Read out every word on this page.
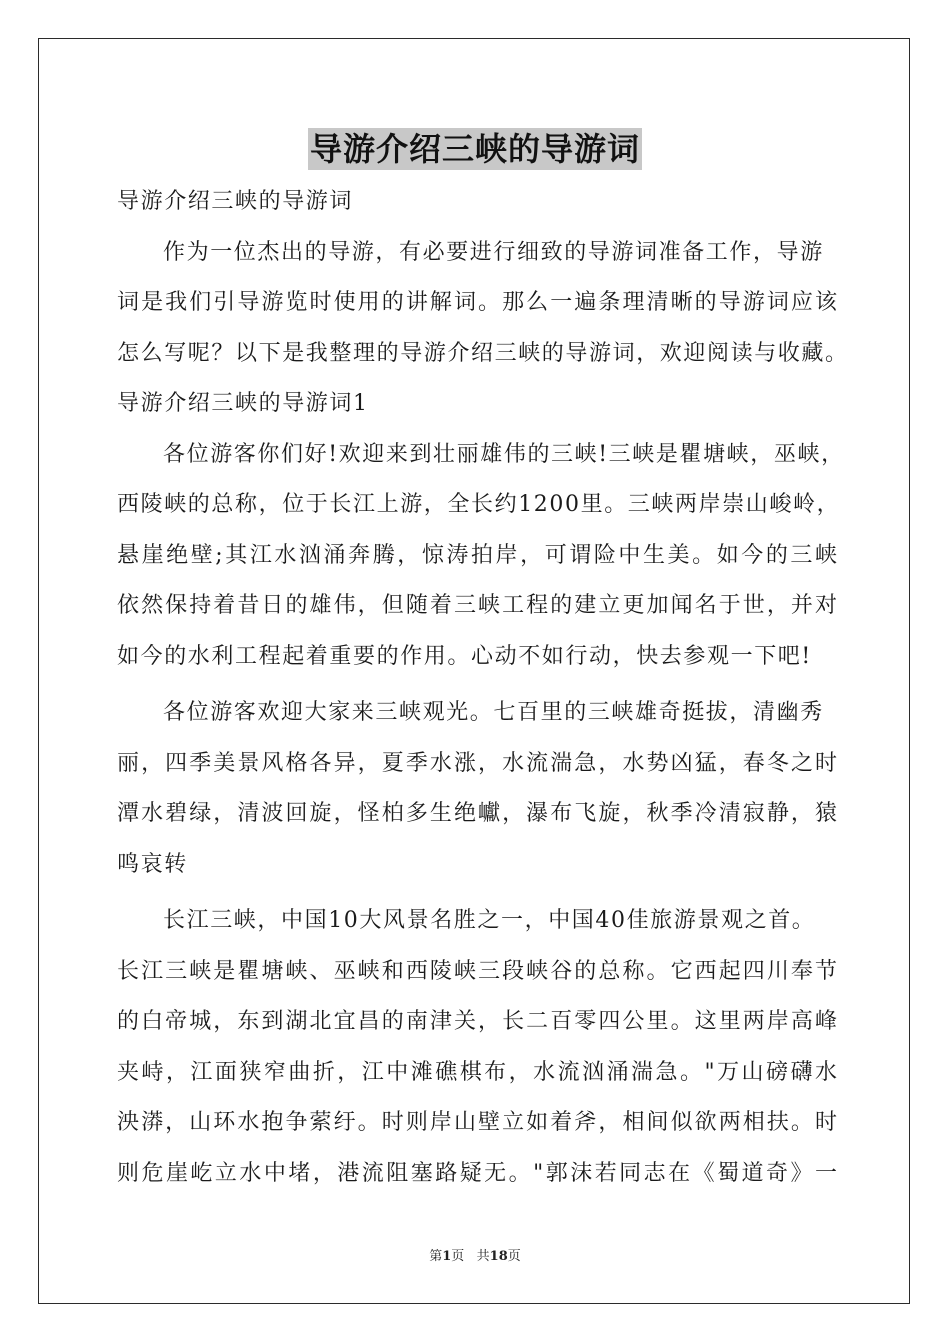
导游介绍三峡的导游词
导游介绍三峡的导游词
作为一位杰出的导游，有必要进行细致的导游词准备工作，导游
词是我们引导游览时使用的讲解词。那么一遍条理清晰的导游词应该
怎么写呢？以下是我整理的导游介绍三峡的导游词，欢迎阅读与收藏。
导游介绍三峡的导游词1
各位游客你们好!欢迎来到壮丽雄伟的三峡!三峡是瞿塘峡，巫峡，
西陵峡的总称，位于长江上游，全长约1200里。三峡两岸崇山峻岭，
悬崖绝壁;其江水汹涌奔腾，惊涛拍岸，可谓险中生美。如今的三峡
依然保持着昔日的雄伟，但随着三峡工程的建立更加闻名于世，并对
如今的水利工程起着重要的作用。心动不如行动，快去参观一下吧!
各位游客欢迎大家来三峡观光。七百里的三峡雄奇挺拔，清幽秀
丽，四季美景风格各异，夏季水涨，水流湍急，水势凶猛，春冬之时
潭水碧绿，清波回旋，怪柏多生绝巘，瀑布飞旋，秋季冷清寂静，猿
鸣哀转
长江三峡，中国10大风景名胜之一，中国40佳旅游景观之首。
长江三峡是瞿塘峡、巫峡和西陵峡三段峡谷的总称。它西起四川奉节
的白帝城，东到湖北宜昌的南津关，长二百零四公里。这里两岸高峰
夹峙，江面狭窄曲折，江中滩礁棋布，水流汹涌湍急。"万山磅礴水
泱漭，山环水抱争萦纡。时则岸山壁立如着斧，相间似欲两相扶。时
则危崖屹立水中堵，港流阻塞路疑无。"郭沫若同志在《蜀道奇》一
第1页   共18页
